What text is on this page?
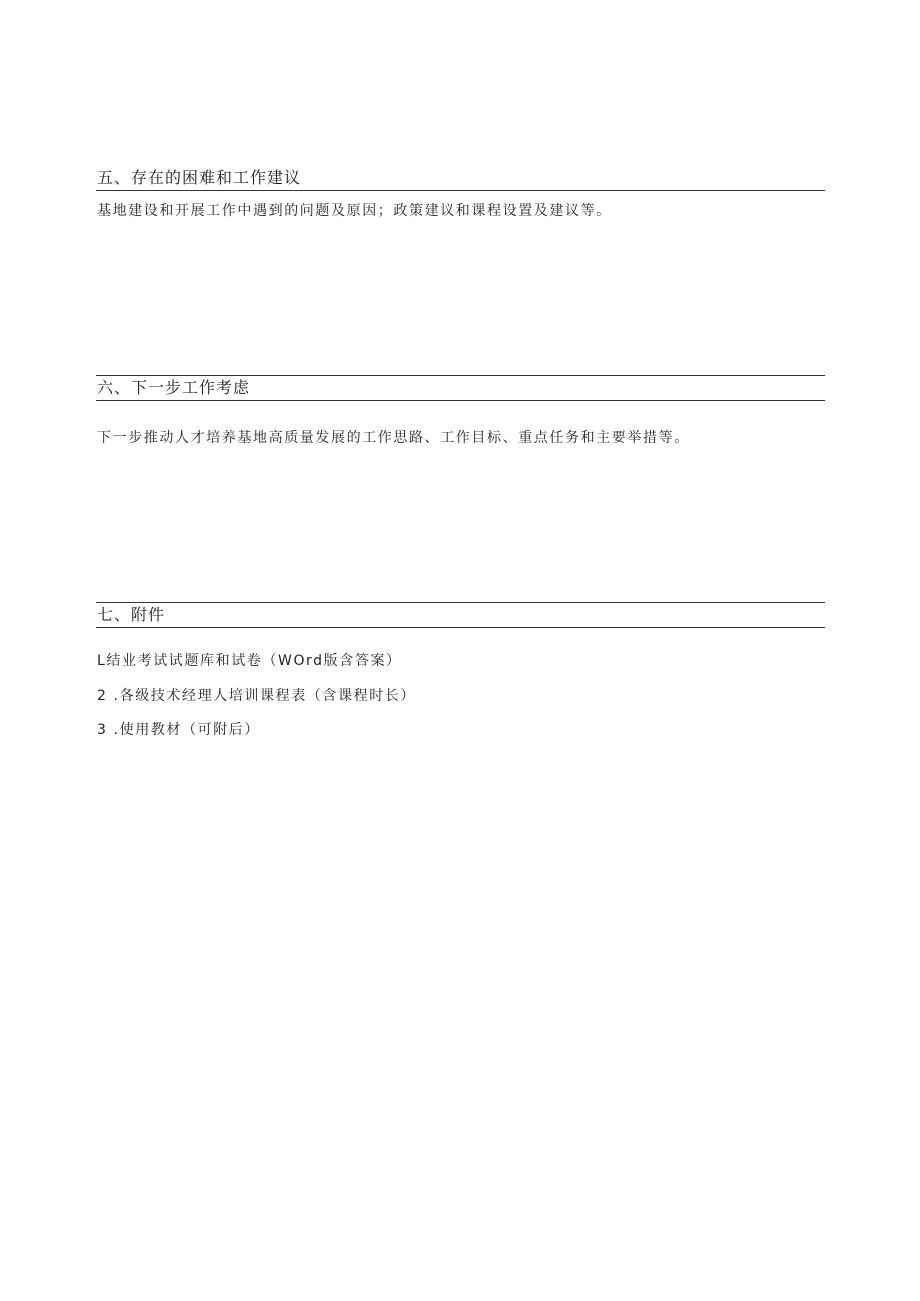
五、存在的困难和工作建议
基地建设和开展工作中遇到的问题及原因；政策建议和课程设置及建议等。
六、下一步工作考虑
下一步推动人才培养基地高质量发展的工作思路、工作目标、重点任务和主要举措等。
七、附件
L结业考试试题库和试卷（WOrd版含答案）
2 .各级技术经理人培训课程表（含课程时长）
3 .使用教材（可附后）
